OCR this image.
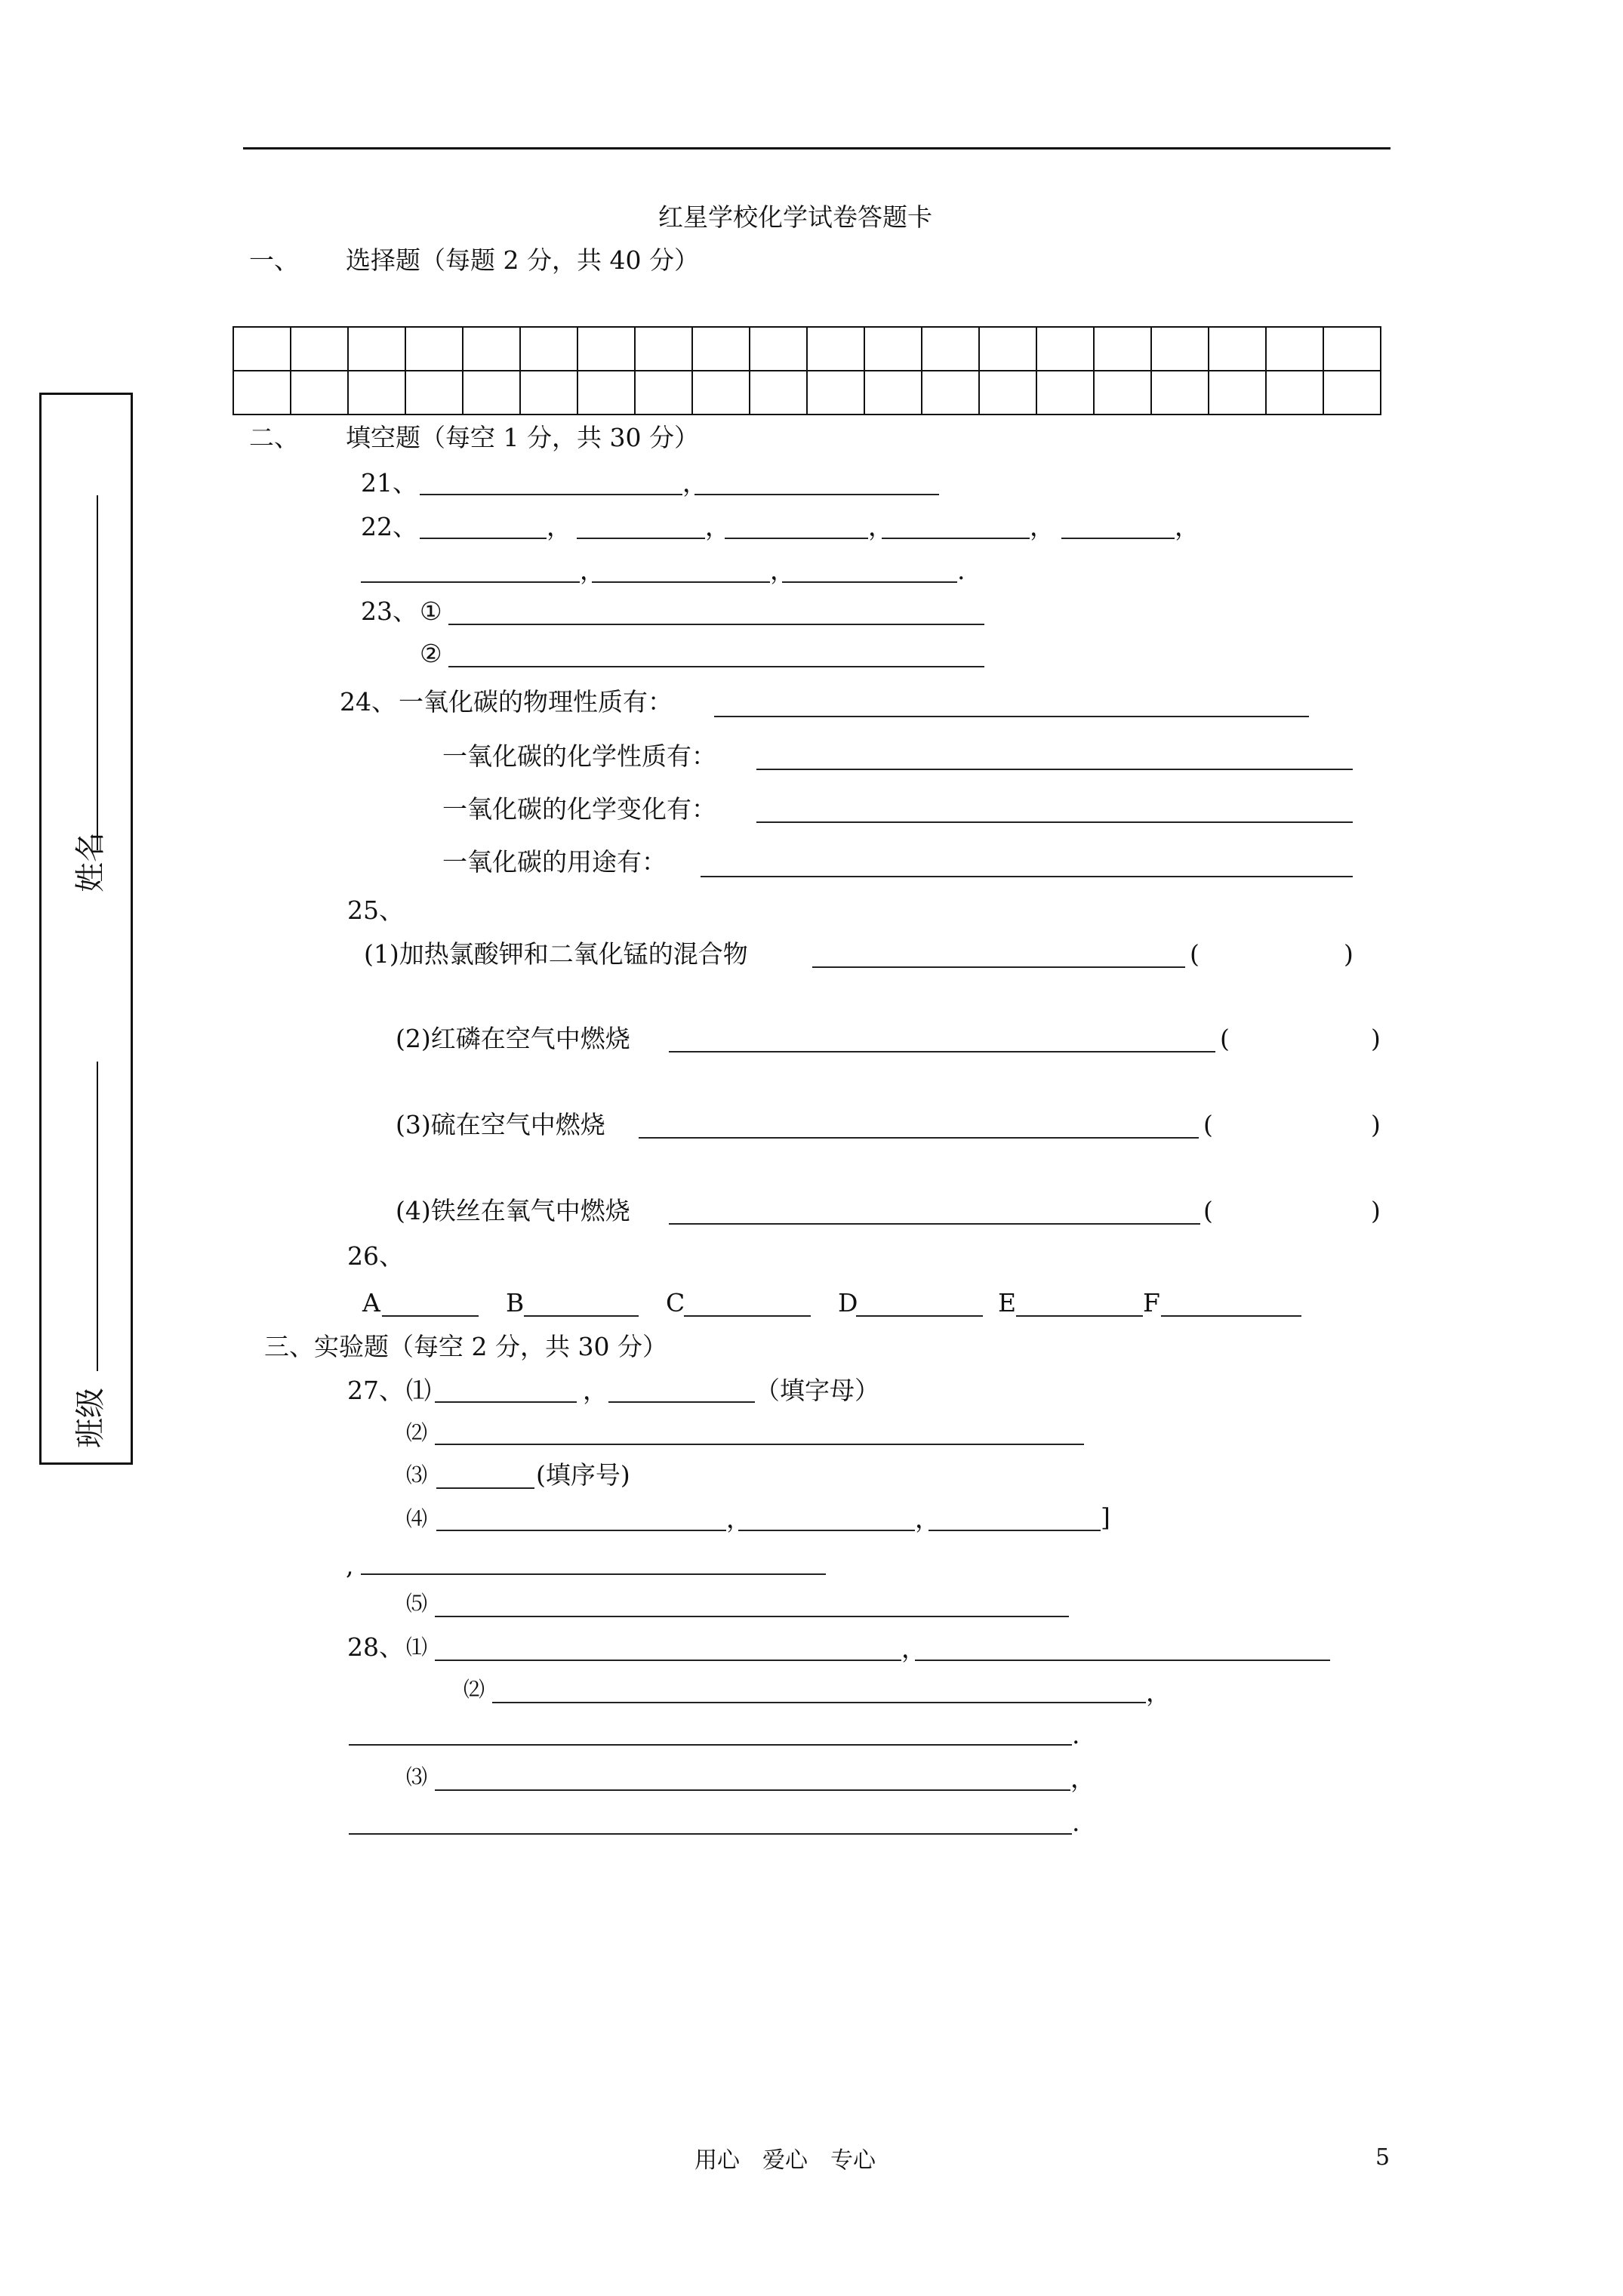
红星学校化学试卷答题卡
一、 选择题（每题 2 分，共 40 分）

二、 填空题（每空 1 分，共 30 分）
21、	，
22、	，	，	，	，	，
，	，	.
23、 ①
②
24、 一氧化碳的物理性质有：
一氧化碳的化学性质有：
一氧化碳的化学变化有：
一氧化碳的用途有：
25、
(1)加热氯酸钾和二氧化锰的混合物	(	)
(2)红磷在空气中燃烧	(	)
(3)硫在空气中燃烧	(	)
(4)铁丝在氧气中燃烧	(	)
26、
A	B	C	D	E	F
三、实验题（每空 2 分，共 30 分）
27、 ⑴	，	（填字母）
⑵
⑶	(填序号)
⑷	，	，	]
,
⑸
28、 ⑴	，
⑵	，
.
⑶	，
.
姓名
班级
用心　爱心　专心	5
